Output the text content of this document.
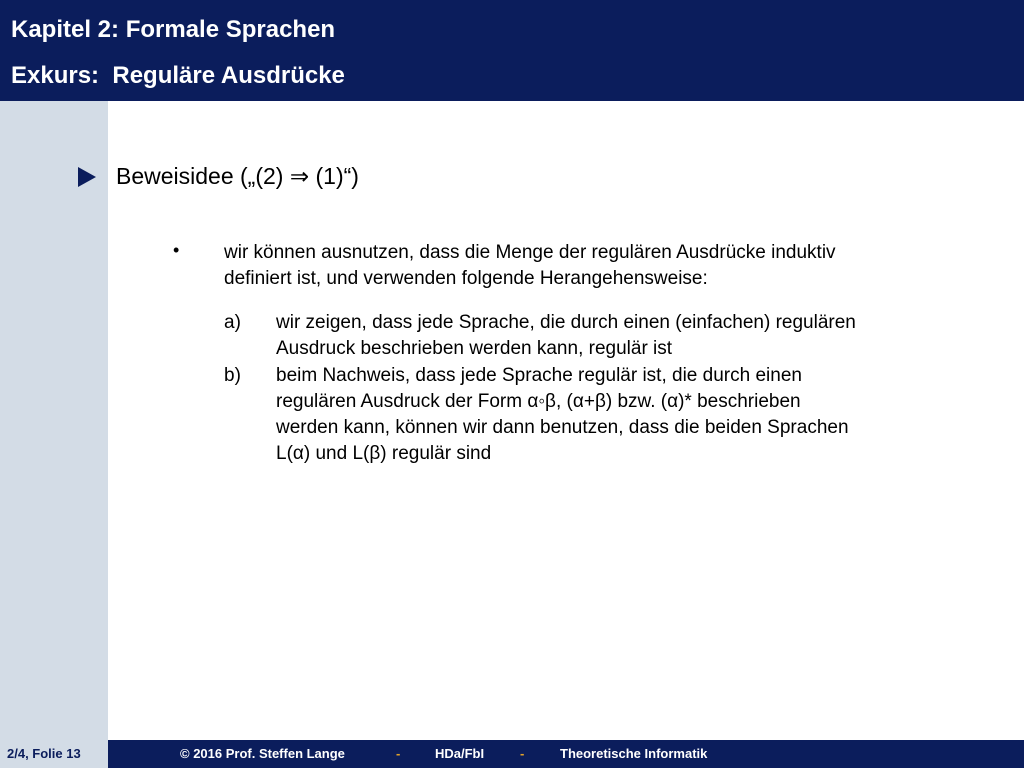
Kapitel 2: Formale Sprachen
Exkurs:  Reguläre Ausdrücke
Beweisidee („(2) ⇒ (1)“)
• wir können ausnutzen, dass die Menge der regulären Ausdrücke induktiv
definiert ist, und verwenden folgende Herangehensweise:
a) wir zeigen, dass jede Sprache, die durch einen (einfachen) regulären
Ausdruck beschrieben werden kann, regulär ist
b) beim Nachweis, dass jede Sprache regulär ist, die durch einen
regulären Ausdruck der Form α◦β, (α+β) bzw. (α)* beschrieben
werden kann, können wir dann benutzen, dass die beiden Sprachen
L(α) und L(β) regulär sind
2/4, Folie 13	© 2016 Prof. Steffen Lange	-	HDa/FbI	-	Theoretische Informatik
